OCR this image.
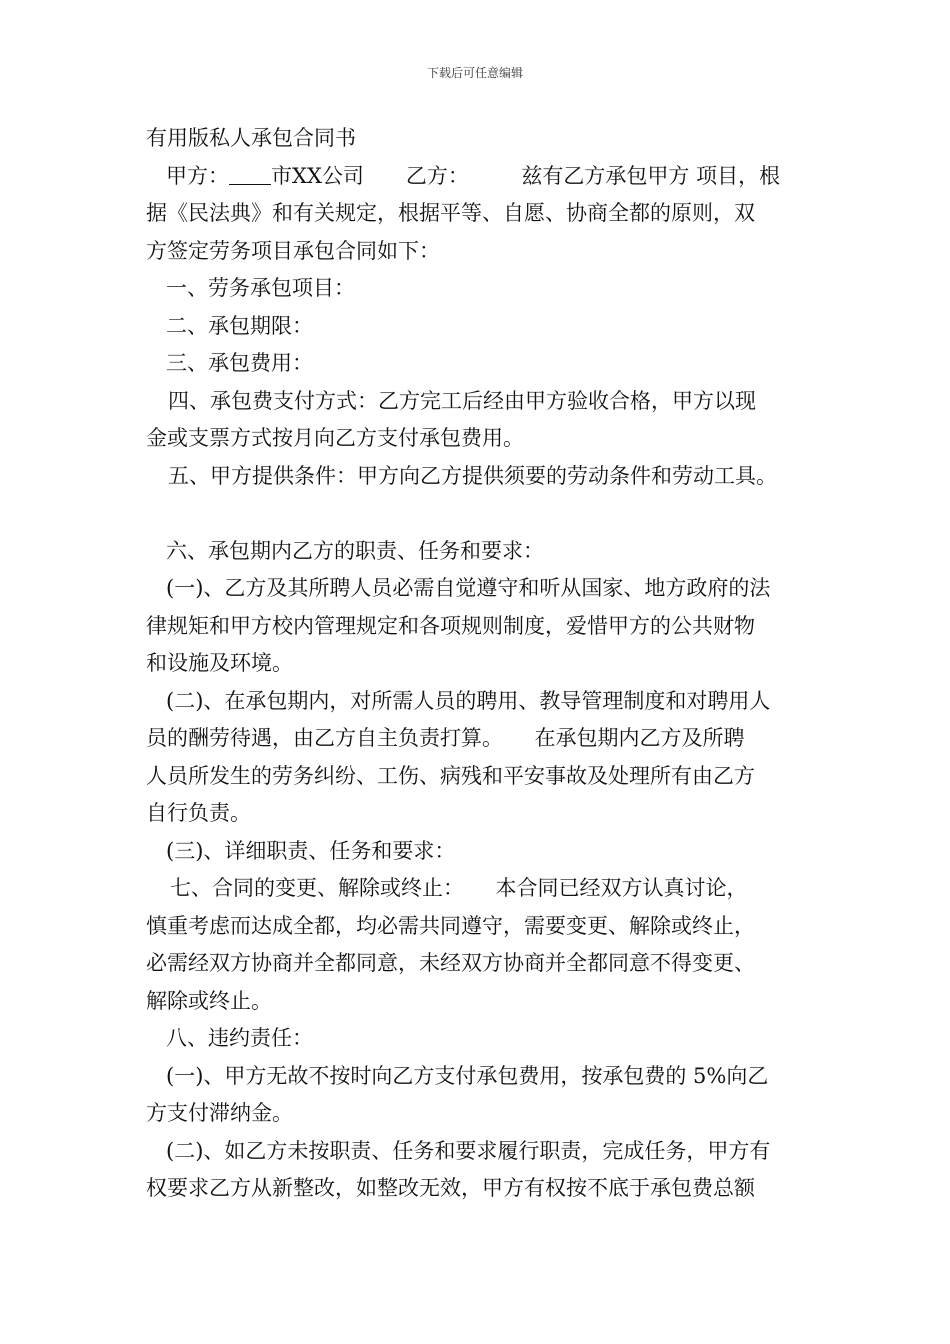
下载后可任意编辑
有用版私人承包合同书
甲方： 市XX公司　　 乙方：　　　兹有乙方承包甲方 项目，根
据《民法典》和有关规定，根据平等、自愿、协商全都的原则，双
方签定劳务项目承包合同如下：
一、劳务承包项目：
二、承包期限：
三、承包费用：
四、承包费支付方式：乙方完工后经由甲方验收合格，甲方以现
金或支票方式按月向乙方支付承包费用。
五、甲方提供条件：甲方向乙方提供须要的劳动条件和劳动工具。
六、承包期内乙方的职责、任务和要求：
(一)、乙方及其所聘人员必需自觉遵守和听从国家、地方政府的法
律规矩和甲方校内管理规定和各项规则制度，爱惜甲方的公共财物
和设施及环境。
(二)、在承包期内，对所需人员的聘用、教导管理制度和对聘用人
员的酬劳待遇，由乙方自主负责打算。　　在承包期内乙方及所聘
人员所发生的劳务纠纷、工伤、病残和平安事故及处理所有由乙方
自行负责。
(三)、详细职责、任务和要求：
七、合同的变更、解除或终止：　　本合同已经双方认真讨论，
慎重考虑而达成全都，均必需共同遵守，需要变更、解除或终止，
必需经双方协商并全都同意，未经双方协商并全都同意不得变更、
解除或终止。
八、违约责任：
(一)、甲方无故不按时向乙方支付承包费用，按承包费的 5%向乙
方支付滞纳金。
(二)、如乙方未按职责、任务和要求履行职责，完成任务，甲方有
权要求乙方从新整改，如整改无效，甲方有权按不底于承包费总额
